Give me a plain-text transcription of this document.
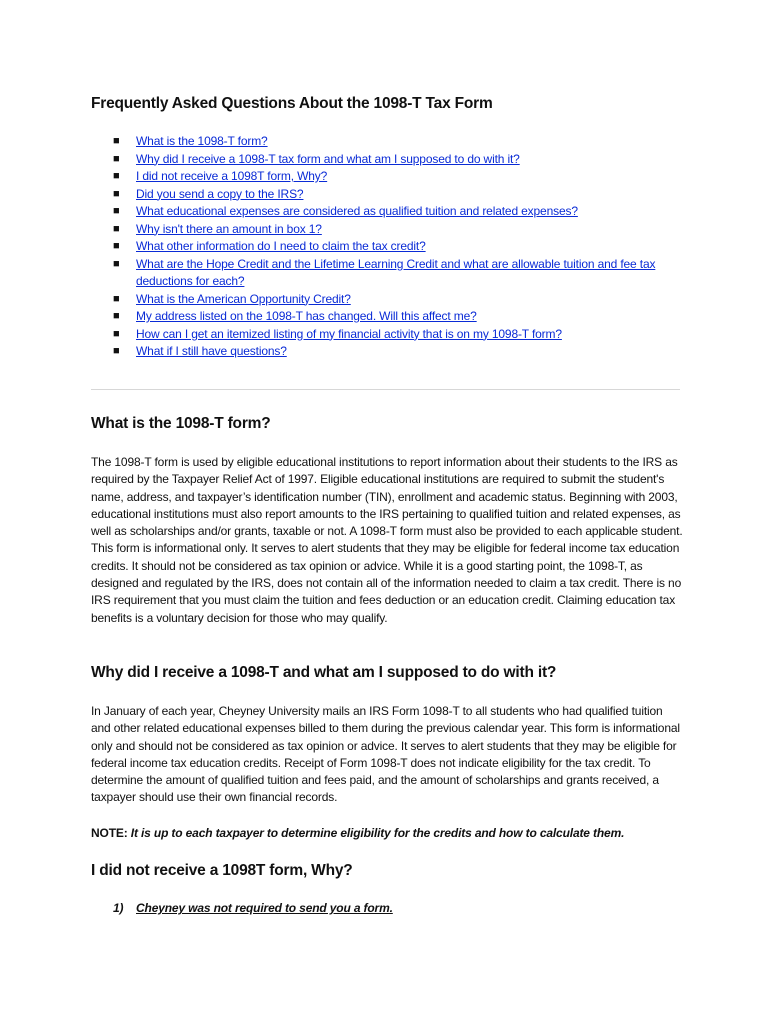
Frequently Asked Questions About the 1098-T Tax Form
■ What is the 1098-T form?
■ Why did I receive a 1098-T tax form and what am I supposed to do with it?
■ I did not receive a 1098T form, Why?
■ Did you send a copy to the IRS?
■ What educational expenses are considered as qualified tuition and related expenses?
■ Why isn't there an amount in box 1?
■ What other information do I need to claim the tax credit?
■ What are the Hope Credit and the Lifetime Learning Credit and what are allowable tuition and fee tax deductions for each?
■ What is the American Opportunity Credit?
■ My address listed on the 1098-T has changed. Will this affect me?
■ How can I get an itemized listing of my financial activity that is on my 1098-T form?
■ What if I still have questions?
What is the 1098-T form?

The 1098-T form is used by eligible educational institutions to report information about their students to the IRS as required by the Taxpayer Relief Act of 1997. Eligible educational institutions are required to submit the student's name, address, and taxpayer’s identification number (TIN), enrollment and academic status. Beginning with 2003, educational institutions must also report amounts to the IRS pertaining to qualified tuition and related expenses, as well as scholarships and/or grants, taxable or not. A 1098-T form must also be provided to each applicable student. This form is informational only. It serves to alert students that they may be eligible for federal income tax education credits. It should not be considered as tax opinion or advice. While it is a good starting point, the 1098-T, as designed and regulated by the IRS, does not contain all of the information needed to claim a tax credit. There is no IRS requirement that you must claim the tuition and fees deduction or an education credit. Claiming education tax benefits is a voluntary decision for those who may qualify.

Why did I receive a 1098-T and what am I supposed to do with it?

In January of each year, Cheyney University mails an IRS Form 1098-T to all students who had qualified tuition and other related educational expenses billed to them during the previous calendar year. This form is informational only and should not be considered as tax opinion or advice. It serves to alert students that they may be eligible for federal income tax education credits. Receipt of Form 1098-T does not indicate eligibility for the tax credit. To determine the amount of qualified tuition and fees paid, and the amount of scholarships and grants received, a taxpayer should use their own financial records.

NOTE: It is up to each taxpayer to determine eligibility for the credits and how to calculate them.

I did not receive a 1098T form, Why?
1) Cheyney was not required to send you a form.
